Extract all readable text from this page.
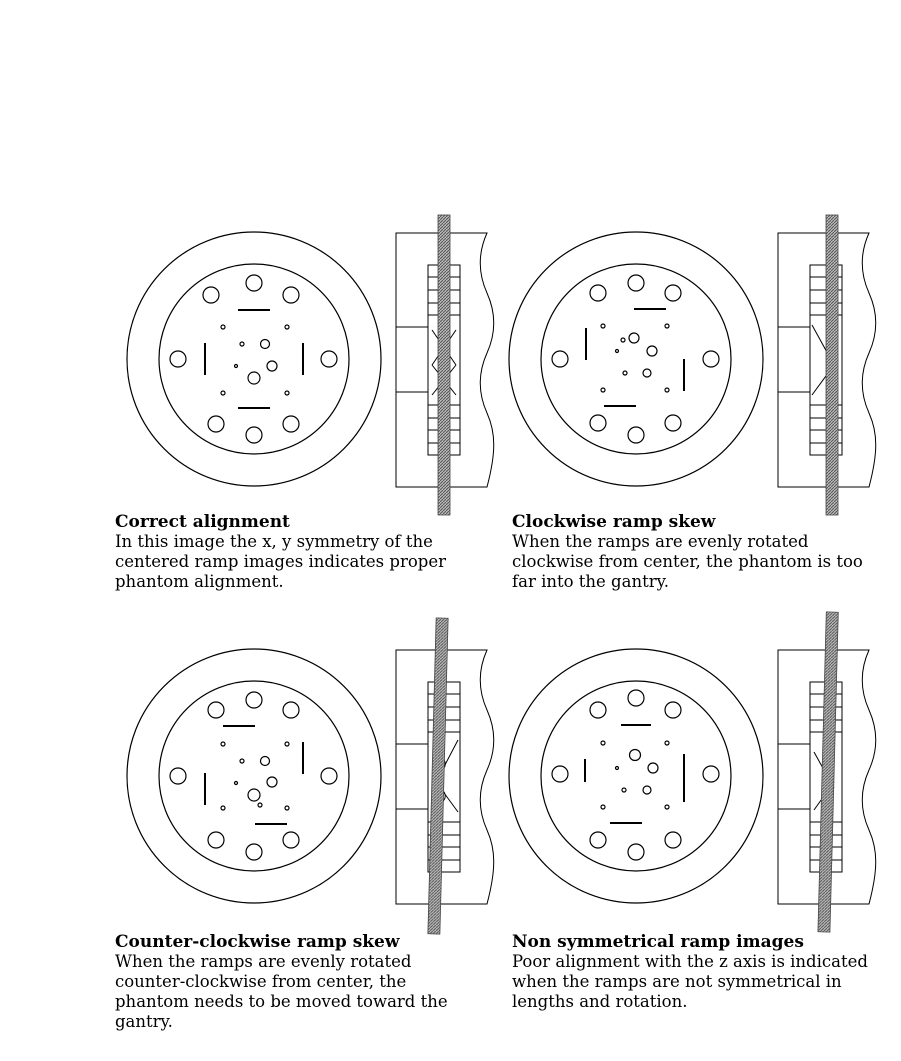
Correct alignment

In this image the x, y symmetry of the centered ramp images indicates proper phantom alignment.

Clockwise ramp skew

When the ramps are evenly rotated clockwise from center, the phantom is too far into the gantry.

Counter-clockwise ramp skew

When the ramps are evenly rotated counter-clockwise from center, the phantom needs to be moved toward the gantry.

Non symmetrical ramp images

Poor alignment with the z axis is indicated when the ramps are not symmetrical in lengths and rotation.
